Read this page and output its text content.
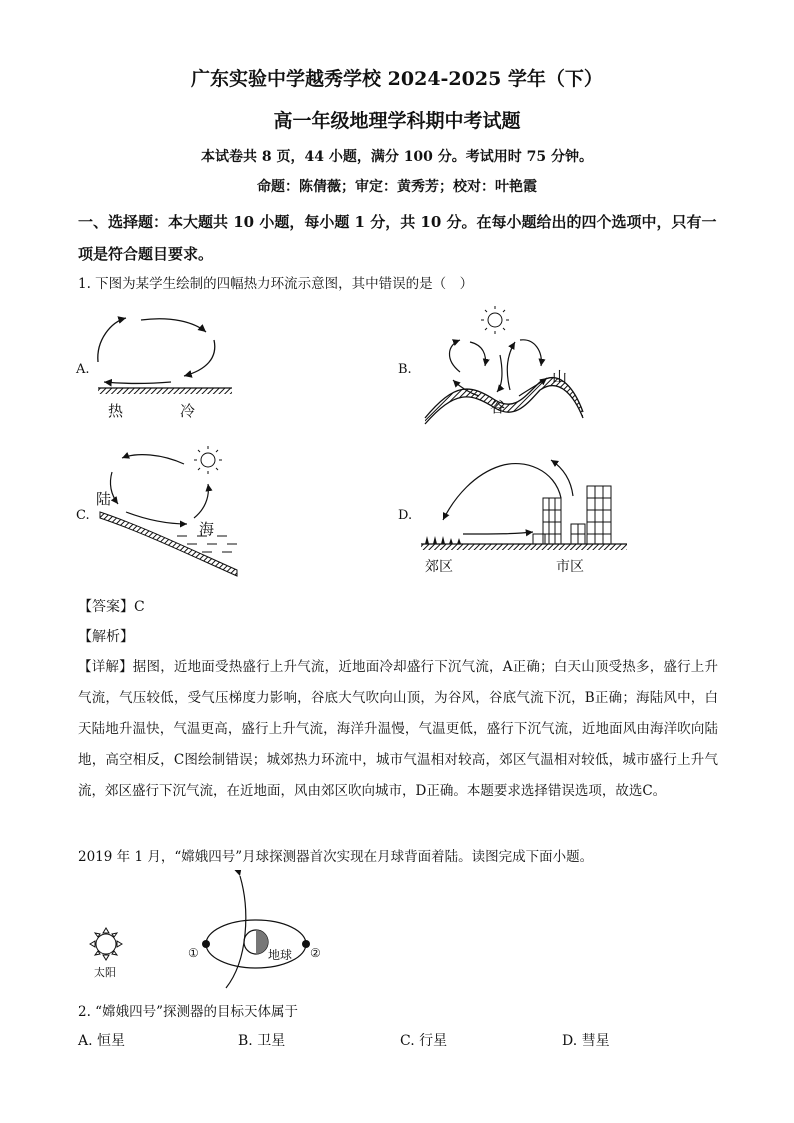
广东实验中学越秀学校 2024-2025 学年（下）
高一年级地理学科期中考试题
本试卷共 8 页，44 小题，满分 100 分。考试用时 75 分钟。
命题：陈倩薇；审定：黄秀芳；校对：叶艳霞
一、选择题：本大题共 10 小题，每小题 1 分，共 10 分。在每小题给出的四个选项中，只有一项是符合题目要求。
1. 下图为某学生绘制的四幅热力环流示意图，其中错误的是（　）
A.
热	冷
B.	山
谷
C.
陆
海
D.
郊区	市区
【答案】C
【解析】
【详解】据图，近地面受热盛行上升气流，近地面冷却盛行下沉气流，A正确；白天山顶受热多，盛行上升气流，气压较低，受气压梯度力影响，谷底大气吹向山顶，为谷风，谷底气流下沉，B正确；海陆风中，白天陆地升温快，气温更高，盛行上升气流，海洋升温慢，气温更低，盛行下沉气流，近地面风由海洋吹向陆地，高空相反，C图绘制错误；城郊热力环流中，城市气温相对较高，郊区气温相对较低，城市盛行上升气流，郊区盛行下沉气流，在近地面，风由郊区吹向城市，D正确。本题要求选择错误选项，故选C。
2019 年 1 月，“嫦娥四号”月球探测器首次实现在月球背面着陆。读图完成下面小题。
太阳
地球
①	②
2. “嫦娥四号”探测器的目标天体属于
A. 恒星	B. 卫星	C. 行星	D. 彗星
